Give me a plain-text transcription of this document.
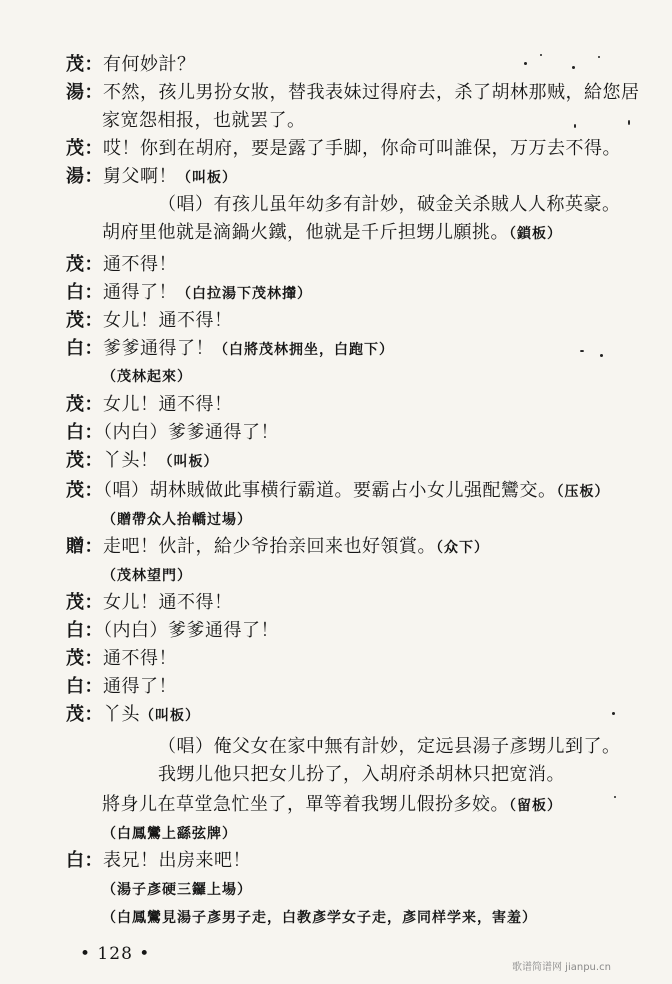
茂：有何妙計？
湯：不然，孩儿男扮女妝，替我表妹过得府去，杀了胡林那贼，給您居
家宽怨相报，也就罢了。
茂：哎！你到在胡府，要是露了手脚，你命可叫誰保，万万去不得。
湯：舅父啊！（叫板）
（唱）有孩儿虽年幼多有計妙，破金关杀賊人人称英豪。
胡府里他就是滴鍋火鐵，他就是千斤担甥儿願挑。（鎖板）
茂：通不得！
白：通得了！（白拉湯下茂林攆）
茂：女儿！通不得！
白：爹爹通得了！（白將茂林拥坐，白跑下）
（茂林起來）
茂：女儿！通不得！
白：（内白）爹爹通得了！
茂：丫头！（叫板）
茂：（唱）胡林賊做此事横行霸道。要霸占小女儿强配鸞交。（压板）
（贈帶众人抬轎过場）
贈：走吧！伙計，給少爷抬亲回来也好領賞。（众下）
（茂林望門）
茂：女儿！通不得！
白：（内白）爹爹通得了！
茂：通不得！
白：通得了！
茂：丫头（叫板）
（唱）俺父女在家中無有計妙，定远县湯子彥甥儿到了。
我甥儿他只把女儿扮了，入胡府杀胡林只把宽消。
將身儿在草堂急忙坐了，單等着我甥儿假扮多姣。（留板）
（白鳳鸞上繇弦牌）
白：表兄！出房来吧！
（湯子彥硬三鑼上場）
（白鳳鸞見湯子彥男子走，白教彥学女子走，彥同样学来，害羞）
• 128 •
歌谱简谱网 jianpu.cn
